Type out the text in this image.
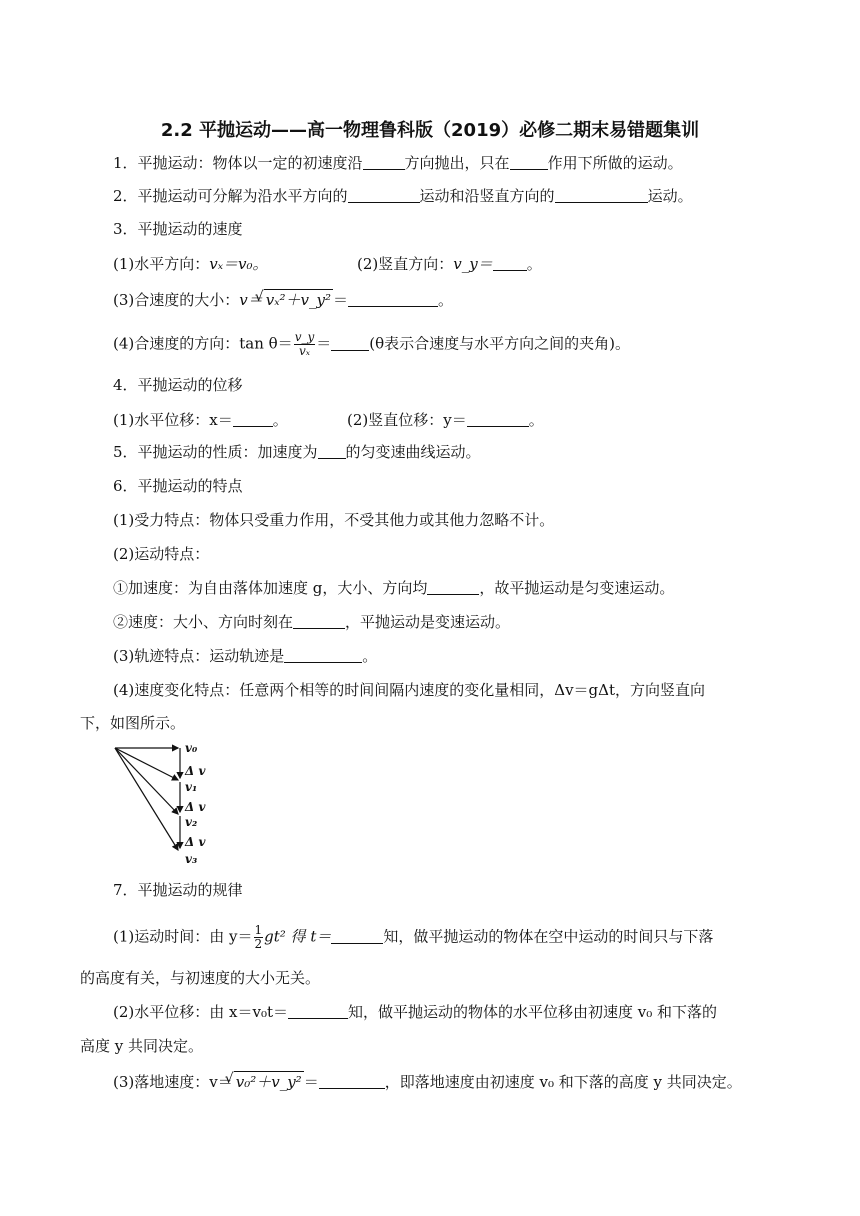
2.2 平抛运动——高一物理鲁科版（2019）必修二期末易错题集训
1．平抛运动：物体以一定的初速度沿	方向抛出，只在	作用下所做的运动。
2．平抛运动可分解为沿水平方向的	运动和沿竖直方向的	运动。
3．平抛运动的速度
(1)水平方向：vₓ＝v₀。	(2)竖直方向：v_y＝ 。
(3)合速度的大小：v＝ √ vₓ²＋v_y² ＝	。
(4)合速度的方向：$\tan \theta= \frac{v\_y}{\text{vₓ}}$ ＝	(θ表示合速度与水平方向之间的夹角)。
4．平抛运动的位移
(1)水平位移：x＝	。	(2)竖直位移：y＝	。
5．平抛运动的性质：加速度为 的匀变速曲线运动。
6．平抛运动的特点
(1)受力特点：物体只受重力作用，不受其他力或其他力忽略不计。
(2)运动特点：
①加速度：为自由落体加速度 g，大小、方向均	，故平抛运动是匀变速运动。
②速度：大小、方向时刻在	，平抛运动是变速运动。
(3)轨迹特点：运动轨迹是	。
(4)速度变化特点：任意两个相等的时间间隔内速度的变化量相同，Δv＝gΔt，方向竖直向
下，如图所示。
v₀
Δ v
v₁
Δ v
v₂
Δ v
v₃
7．平抛运动的规律
(1)运动时间：由 $y= \frac{1}{2} gt^2$ 得 t＝	知，做平抛运动的物体在空中运动的时间只与下落
的高度有关，与初速度的大小无关。
(2)水平位移：由 x＝v₀t＝	知，做平抛运动的物体的水平位移由初速度 v₀ 和下落的
高度 y 共同决定。
(3)落地速度：v＝ √ v₀²＋v_y² ＝	，即落地速度由初速度 v₀ 和下落的高度 y 共同决定。
